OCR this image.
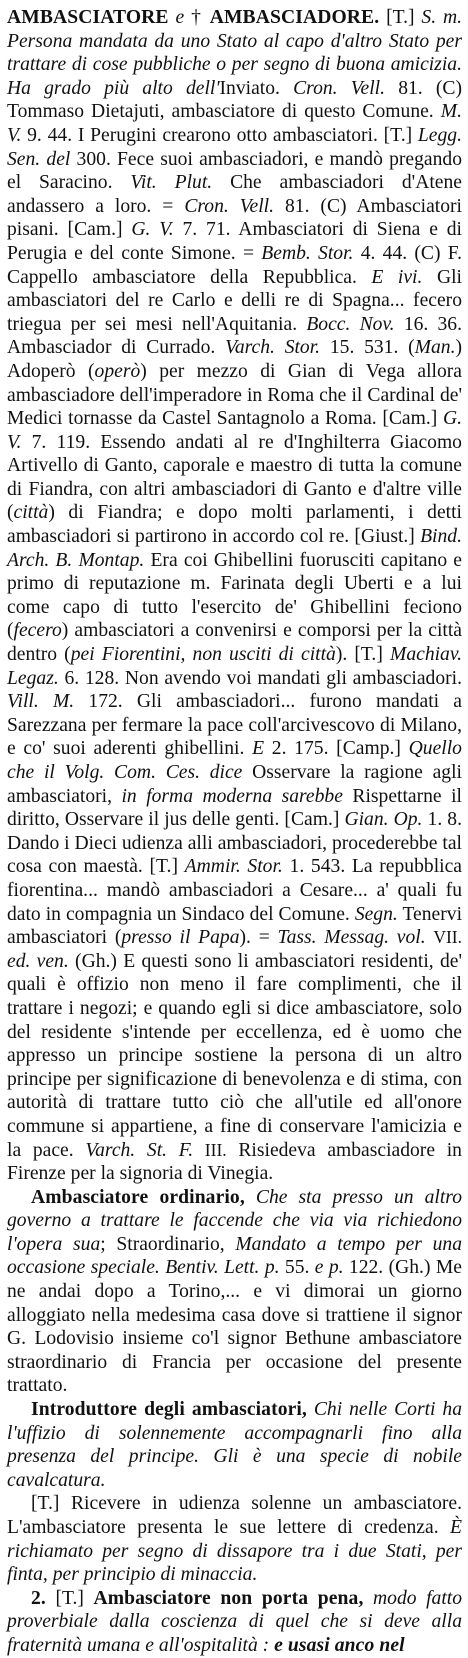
AMBASCIATORE e † AMBASCIADORE. [T.] S. m. Persona mandata da uno Stato al capo d'altro Stato per trattare di cose pubbliche o per segno di buona amicizia. Ha grado più alto dell'Inviato. Cron. Vell. 81. (C) Tommaso Dietajuti, ambasciatore di questo Comune. M. V. 9. 44. I Perugini crearono otto ambasciatori. [T.] Legg. Sen. del 300. Fece suoi ambasciadori, e mandò pregando el Saracino. Vit. Plut. Che ambasciadori d'Atene andassero a loro. = Cron. Vell. 81. (C) Ambasciatori pisani. [Cam.] G. V. 7. 71. Ambasciatori di Siena e di Perugia e del conte Simone. = Bemb. Stor. 4. 44. (C) F. Cappello ambasciatore della Repubblica. E ivi. Gli ambasciatori del re Carlo e delli re di Spagna... fecero triegua per sei mesi nell'Aquitania. Bocc. Nov. 16. 36. Ambasciador di Currado. Varch. Stor. 15. 531. (Man.) Adoperò (operò) per mezzo di Gian di Vega allora ambasciadore dell'imperadore in Roma che il Cardinal de' Medici tornasse da Castel Santagnolo a Roma. [Cam.] G. V. 7. 119. Essendo andati al re d'Inghilterra Giacomo Artivello di Ganto, caporale e maestro di tutta la comune di Fiandra, con altri ambasciadori di Ganto e d'altre ville (città) di Fiandra; e dopo molti parlamenti, i detti ambasciadori si partirono in accordo col re. [Giust.] Bind. Arch. B. Montap. Era coi Ghibellini fuorusciti capitano e primo di reputazione m. Farinata degli Uberti e a lui come capo di tutto l'esercito de' Ghibellini feciono (fecero) ambasciatori a convenirsi e comporsi per la città dentro (pei Fiorentini, non usciti di città). [T.] Machiav. Legaz. 6. 128. Non avendo voi mandati gli ambasciadori. Vill. M. 172. Gli ambasciadori... furono mandati a Sarezzana per fermare la pace coll'arcivescovo di Milano, e co' suoi aderenti ghibellini. E 2. 175. [Camp.] Quello che il Volg. Com. Ces. dice Osservare la ragione agli ambasciatori, in forma moderna sarebbe Rispettarne il diritto, Osservare il jus delle genti. [Cam.] Gian. Op. 1. 8. Dando i Dieci udienza alli ambasciadori, procederebbe tal cosa con maestà. [T.] Ammir. Stor. 1. 543. La repubblica fiorentina... mandò ambasciadori a Cesare... a' quali fu dato in compagnia un Sindaco del Comune. Segn. Tenervi ambasciatori (presso il Papa). = Tass. Messag. vol. VII. ed. ven. (Gh.) E questi sono li ambasciatori residenti, de' quali è offizio non meno il fare complimenti, che il trattare i negozi; e quando egli si dice ambasciatore, solo del residente s'intende per eccellenza, ed è uomo che appresso un principe sostiene la persona di un altro principe per significazione di benevolenza e di stima, con autorità di trattare tutto ciò che all'utile ed all'onore commune si appartiene, a fine di conservare l'amicizia e la pace. Varch. St. F. III. Risiedeva ambasciadore in Firenze per la signoria di Vinegia.

Ambasciatore ordinario, Che sta presso un altro governo a trattare le faccende che via via richiedono l'opera sua; Straordinario, Mandato a tempo per una occasione speciale. Bentiv. Lett. p. 55. e p. 122. (Gh.) Me ne andai dopo a Torino,... e vi dimorai un giorno alloggiato nella medesima casa dove si trattiene il signor G. Lodovisio insieme co'l signor Bethune ambasciatore straordinario di Francia per occasione del presente trattato.

Introduttore degli ambasciatori, Chi nelle Corti ha l'uffizio di solennemente accompagnarli fino alla presenza del principe. Gli è una specie di nobile cavalcatura.

[T.] Ricevere in udienza solenne un ambasciatore. L'ambasciatore presenta le sue lettere di credenza. È richiamato per segno di dissapore tra i due Stati, per finta, per principio di minaccia.

2. [T.] Ambasciatore non porta pena, modo fatto proverbiale dalla coscienza di quel che si deve alla fraternità umana e all'ospitalità : e usasi anco nel
